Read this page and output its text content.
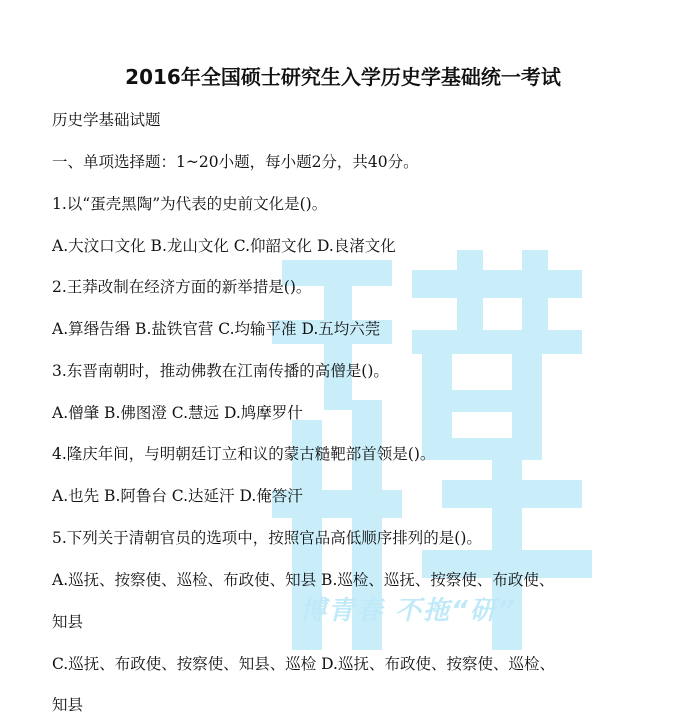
博青春 不拖“研”
2016年全国硕士研究生入学历史学基础统一考试
历史学基础试题
一、单项选择题：1~20小题，每小题2分，共40分。
1.以“蛋壳黑陶”为代表的史前文化是()。
A.大汶口文化 B.龙山文化 C.仰韶文化 D.良渚文化
2.王莽改制在经济方面的新举措是()。
A.算缗告缗 B.盐铁官营 C.均输平准 D.五均六莞
3.东晋南朝时，推动佛教在江南传播的高僧是()。
A.僧肇 B.佛图澄 C.慧远 D.鸠摩罗什
4.隆庆年间，与明朝廷订立和议的蒙古糙靶部首领是()。
A.也先 B.阿鲁台 C.达延汗 D.俺答汗
5.下列关于清朝官员的选项中，按照官品高低顺序排列的是()。
A.巡抚、按察使、巡检、布政使、知县 B.巡检、巡抚、按察使、布政使、
知县
C.巡抚、布政使、按察使、知县、巡检 D.巡抚、布政使、按察使、巡检、
知县
